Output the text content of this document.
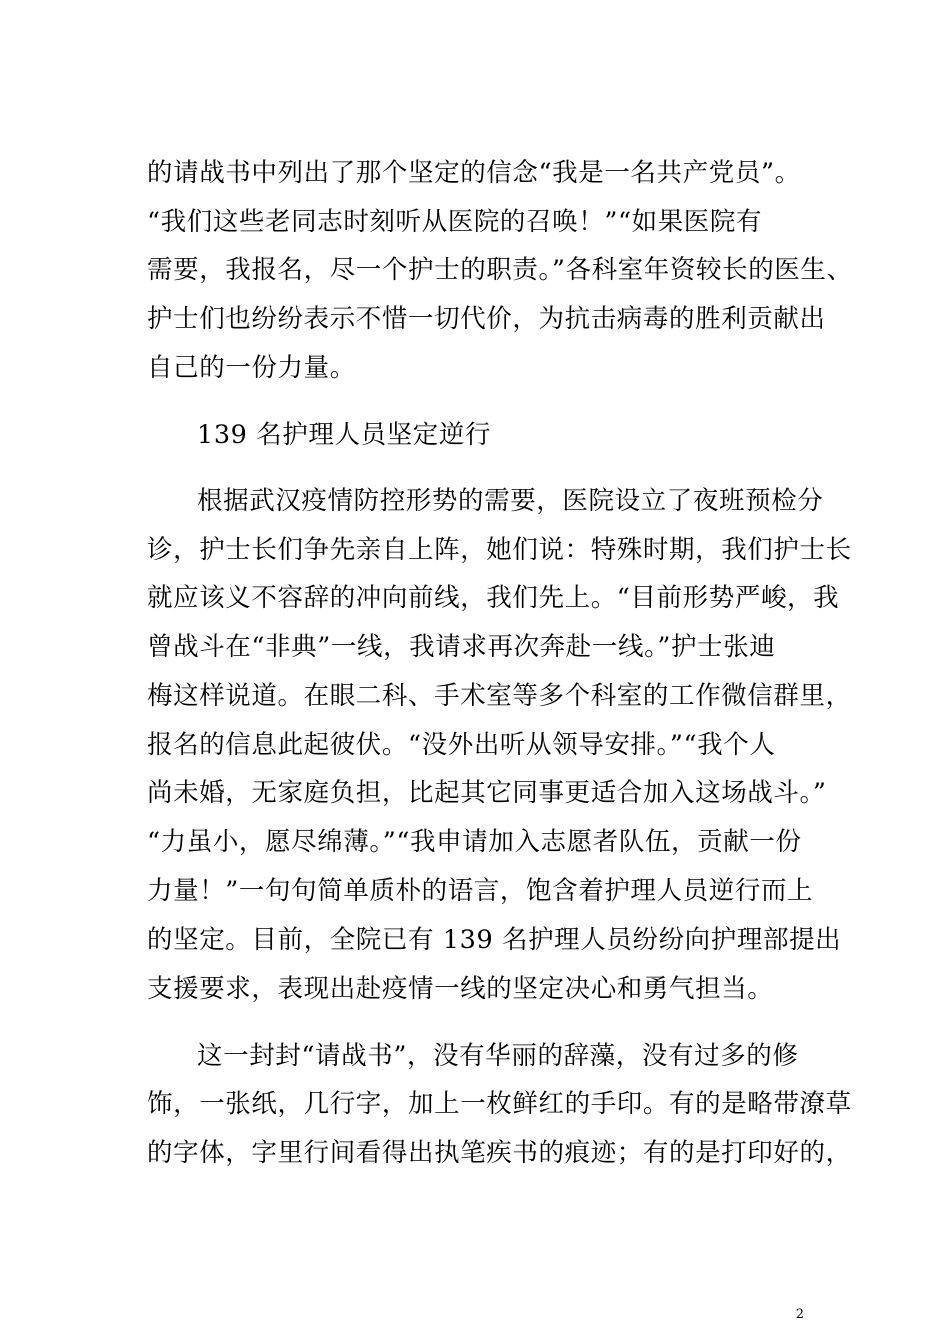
的请战书中列出了那个坚定的信念“我是一名共产党员”。
“我们这些老同志时刻听从医院的召唤！”“如果医院有
需要，我报名，尽一个护士的职责。”各科室年资较长的医生、
护士们也纷纷表示不惜一切代价，为抗击病毒的胜利贡献出
自己的一份力量。
139 名护理人员坚定逆行
根据武汉疫情防控形势的需要，医院设立了夜班预检分
诊，护士长们争先亲自上阵，她们说：特殊时期，我们护士长
就应该义不容辞的冲向前线，我们先上。“目前形势严峻，我
曾战斗在“非典”一线，我请求再次奔赴一线。”护士张迪
梅这样说道。在眼二科、手术室等多个科室的工作微信群里，
报名的信息此起彼伏。“没外出听从领导安排。”“我个人
尚未婚，无家庭负担，比起其它同事更适合加入这场战斗。”
“力虽小，愿尽绵薄。”“我申请加入志愿者队伍，贡献一份
力量！”一句句简单质朴的语言，饱含着护理人员逆行而上
的坚定。目前，全院已有 139 名护理人员纷纷向护理部提出
支援要求，表现出赴疫情一线的坚定决心和勇气担当。
这一封封“请战书”，没有华丽的辞藻，没有过多的修
饰，一张纸，几行字，加上一枚鲜红的手印。有的是略带潦草
的字体，字里行间看得出执笔疾书的痕迹；有的是打印好的，
2
